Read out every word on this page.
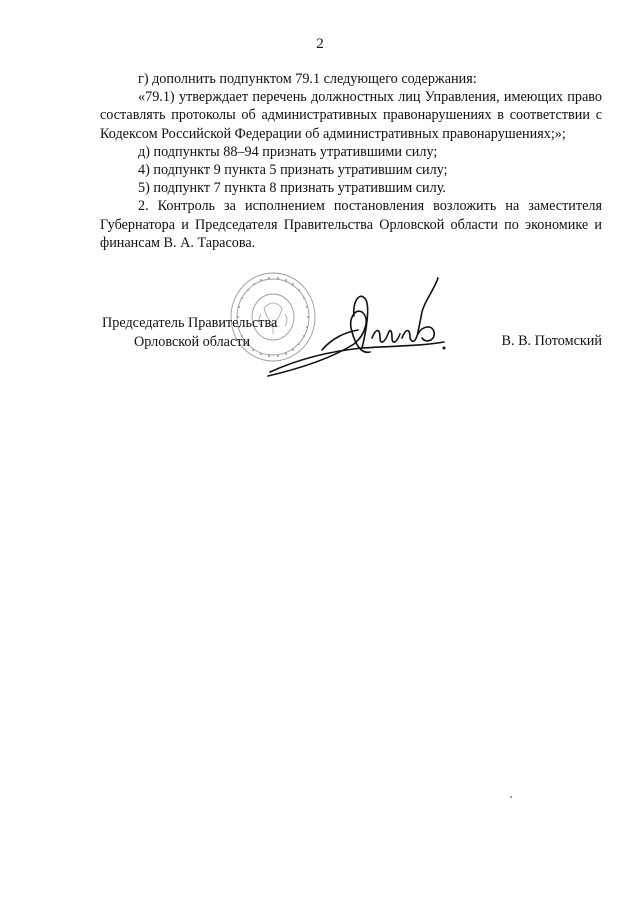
2

г) дополнить подпунктом 79.1 следующего содержания:

«79.1) утверждает перечень должностных лиц Управления, имеющих право составлять протоколы об административных правонарушениях в соответствии с Кодексом Российской Федерации об административных правонарушениях;»;

д) подпункты 88–94 признать утратившими силу;

4) подпункт 9 пункта 5 признать утратившим силу;

5) подпункт 7 пункта 8 признать утратившим силу.

2. Контроль за исполнением постановления возложить на заместителя Губернатора и Председателя Правительства Орловской области по экономике и финансам В. А. Тарасова.

Председатель Правительства
Орловской области	В. В. Потомский
